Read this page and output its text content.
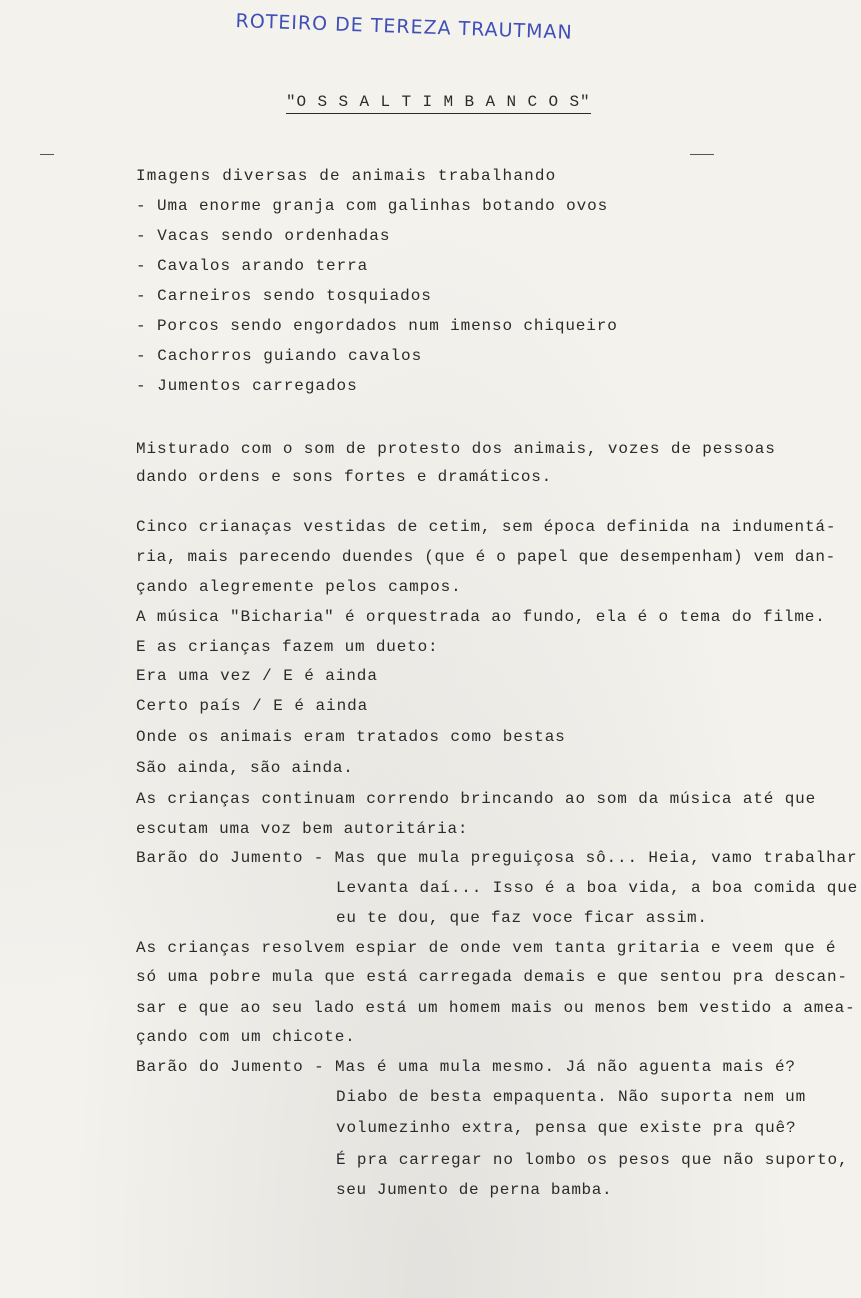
ROTEIRO DE TEREZA TRAUTMAN
"O S S A L T I M B A N C O S"
Imagens diversas de animais trabalhando
- Uma enorme granja com galinhas botando ovos
- Vacas sendo ordenhadas
- Cavalos arando terra
- Carneiros sendo tosquiados
- Porcos sendo engordados num imenso chiqueiro
- Cachorros guiando cavalos
- Jumentos carregados
Misturado com o som de protesto dos animais, vozes de pessoas
dando ordens e sons fortes e dramáticos.
Cinco crianaças vestidas de cetim, sem época definida na indumentá-
ria, mais parecendo duendes (que é o papel que desempenham) vem dan-
çando alegremente pelos campos.
A música "Bicharia" é orquestrada ao fundo, ela é o tema do filme.
E as crianças fazem um dueto:
Era uma vez / E é ainda
Certo país / E é ainda
Onde os animais eram tratados como bestas
São ainda, são ainda.
As crianças continuam correndo brincando ao som da música até que
escutam uma voz bem autoritária:
Barão do Jumento - Mas que mula preguiçosa sô... Heia, vamo trabalhar
Levanta daí... Isso é a boa vida, a boa comida que
eu te dou, que faz voce ficar assim.
As crianças resolvem espiar de onde vem tanta gritaria e veem que é
só uma pobre mula que está carregada demais e que sentou pra descan-
sar e que ao seu lado está um homem mais ou menos bem vestido a amea-
çando com um chicote.
Barão do Jumento - Mas é uma mula mesmo. Já não aguenta mais é?
Diabo de besta empaquenta. Não suporta nem um
volumezinho extra, pensa que existe pra quê?
É pra carregar no lombo os pesos que não suporto,
seu Jumento de perna bamba.
